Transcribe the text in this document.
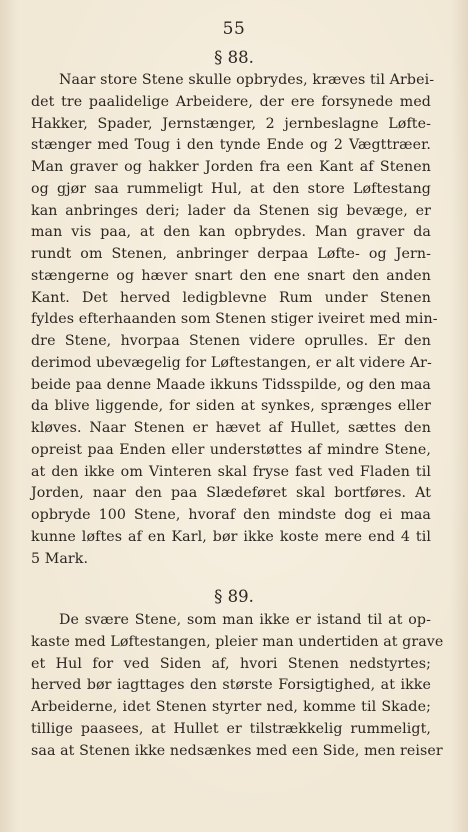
55
§ 88.
§ 89.
Naar store Stene skulle opbrydes, kræves til Arbei-
det tre paalidelige Arbeidere, der ere forsynede med
Hakker, Spader, Jernstænger, 2 jernbeslagne Løfte-
stænger med Toug i den tynde Ende og 2 Vægttræer.
Man graver og hakker Jorden fra een Kant af Stenen
og gjør saa rummeligt Hul, at den store Løftestang
kan anbringes deri; lader da Stenen sig bevæge, er
man vis paa, at den kan opbrydes. Man graver da
rundt om Stenen, anbringer derpaa Løfte- og Jern-
stængerne og hæver snart den ene snart den anden
Kant. Det herved ledigblevne Rum under Stenen
fyldes efterhaanden som Stenen stiger iveiret med min-
dre Stene, hvorpaa Stenen videre oprulles. Er den
derimod ubevægelig for Løftestangen, er alt videre Ar-
beide paa denne Maade ikkuns Tidsspilde, og den maa
da blive liggende, for siden at synkes, sprænges eller
kløves. Naar Stenen er hævet af Hullet, sættes den
opreist paa Enden eller understøttes af mindre Stene,
at den ikke om Vinteren skal fryse fast ved Fladen til
Jorden, naar den paa Slædeføret skal bortføres. At
opbryde 100 Stene, hvoraf den mindste dog ei maa
kunne løftes af en Karl, bør ikke koste mere end 4 til
5 Mark.
De svære Stene, som man ikke er istand til at op-
kaste med Løftestangen, pleier man undertiden at grave
et Hul for ved Siden af, hvori Stenen nedstyrtes;
herved bør iagttages den største Forsigtighed, at ikke
Arbeiderne, idet Stenen styrter ned, komme til Skade;
tillige paasees, at Hullet er tilstrækkelig rummeligt,
saa at Stenen ikke nedsænkes med een Side, men reiser
